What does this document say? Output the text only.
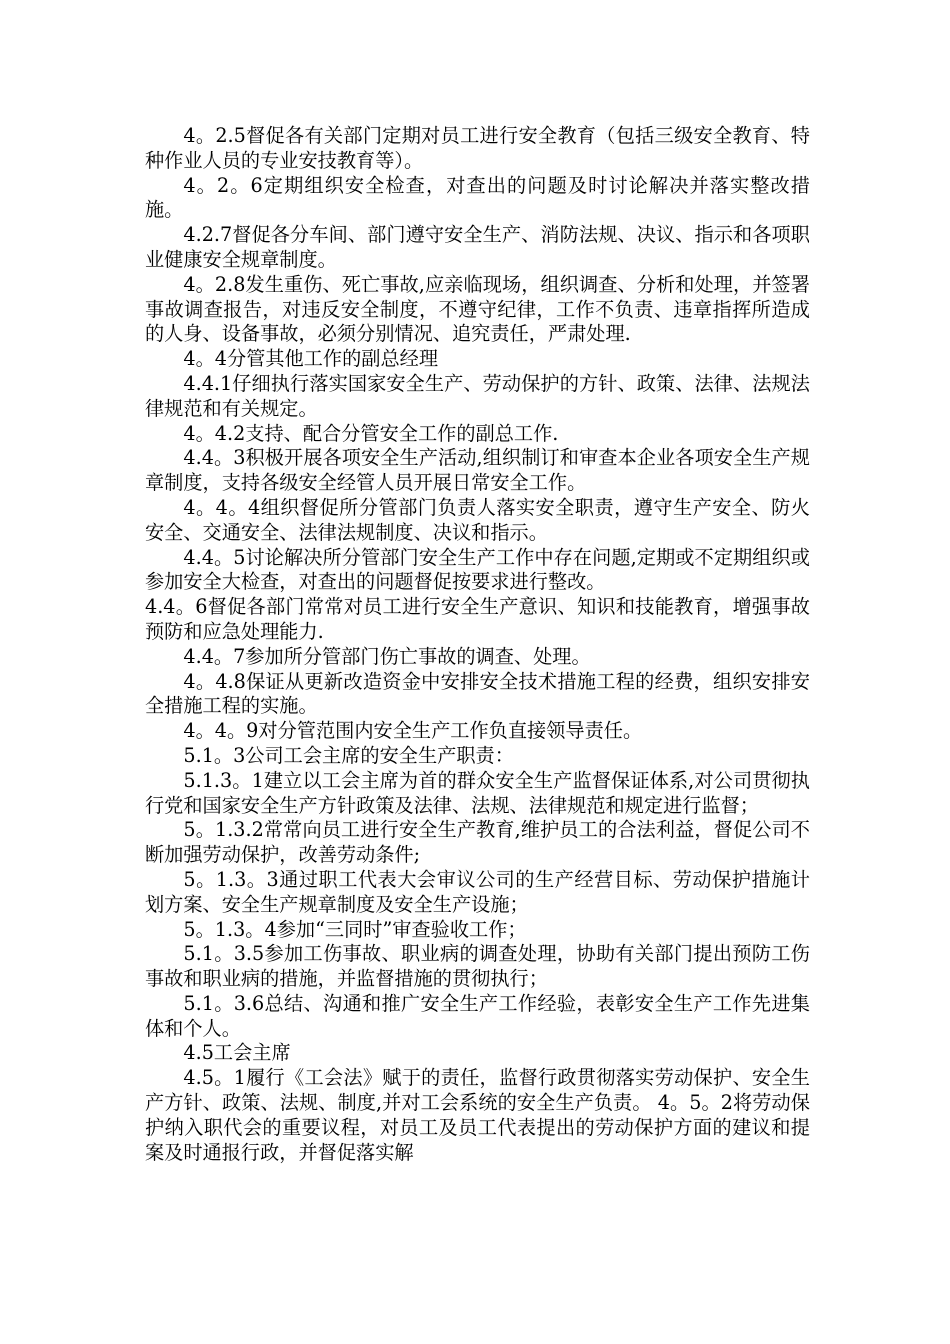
4。2.5督促各有关部门定期对员工进行安全教育（包括三级安全教育、特种作业人员的专业安技教育等）。

4。2。6定期组织安全检查，对查出的问题及时讨论解决并落实整改措施。

4.2.7督促各分车间、部门遵守安全生产、消防法规、决议、指示和各项职业健康安全规章制度。

4。2.8发生重伤、死亡事故,应亲临现场，组织调查、分析和处理，并签署事故调查报告，对违反安全制度，不遵守纪律，工作不负责、违章指挥所造成的人身、设备事故，必须分别情况、追究责任，严肃处理.

4。4分管其他工作的副总经理

4.4.1仔细执行落实国家安全生产、劳动保护的方针、政策、法律、法规法律规范和有关规定。

4。4.2支持、配合分管安全工作的副总工作.

4.4。3积极开展各项安全生产活动,组织制订和审查本企业各项安全生产规章制度，支持各级安全经管人员开展日常安全工作。

4。4。4组织督促所分管部门负责人落实安全职责，遵守生产安全、防火安全、交通安全、法律法规制度、决议和指示。

4.4。5讨论解决所分管部门安全生产工作中存在问题,定期或不定期组织或参加安全大检查，对查出的问题督促按要求进行整改。

4.4。6督促各部门常常对员工进行安全生产意识、知识和技能教育，增强事故预防和应急处理能力.

4.4。7参加所分管部门伤亡事故的调查、处理。

4。4.8保证从更新改造资金中安排安全技术措施工程的经费，组织安排安全措施工程的实施。

4。4。9对分管范围内安全生产工作负直接领导责任。

5.1。3公司工会主席的安全生产职责：

5.1.3。1建立以工会主席为首的群众安全生产监督保证体系,对公司贯彻执行党和国家安全生产方针政策及法律、法规、法律规范和规定进行监督；

5。1.3.2常常向员工进行安全生产教育,维护员工的合法利益，督促公司不断加强劳动保护，改善劳动条件;

5。1.3。3通过职工代表大会审议公司的生产经营目标、劳动保护措施计划方案、安全生产规章制度及安全生产设施；

5。1.3。4参加“三同时”审查验收工作；

5.1。3.5参加工伤事故、职业病的调查处理，协助有关部门提出预防工伤事故和职业病的措施，并监督措施的贯彻执行；

5.1。3.6总结、沟通和推广安全生产工作经验，表彰安全生产工作先进集体和个人。

4.5工会主席

4.5。1履行《工会法》赋于的责任，监督行政贯彻落实劳动保护、安全生产方针、政策、法规、制度,并对工会系统的安全生产负责。 4。5。2将劳动保护纳入职代会的重要议程，对员工及员工代表提出的劳动保护方面的建议和提案及时通报行政，并督促落实解
